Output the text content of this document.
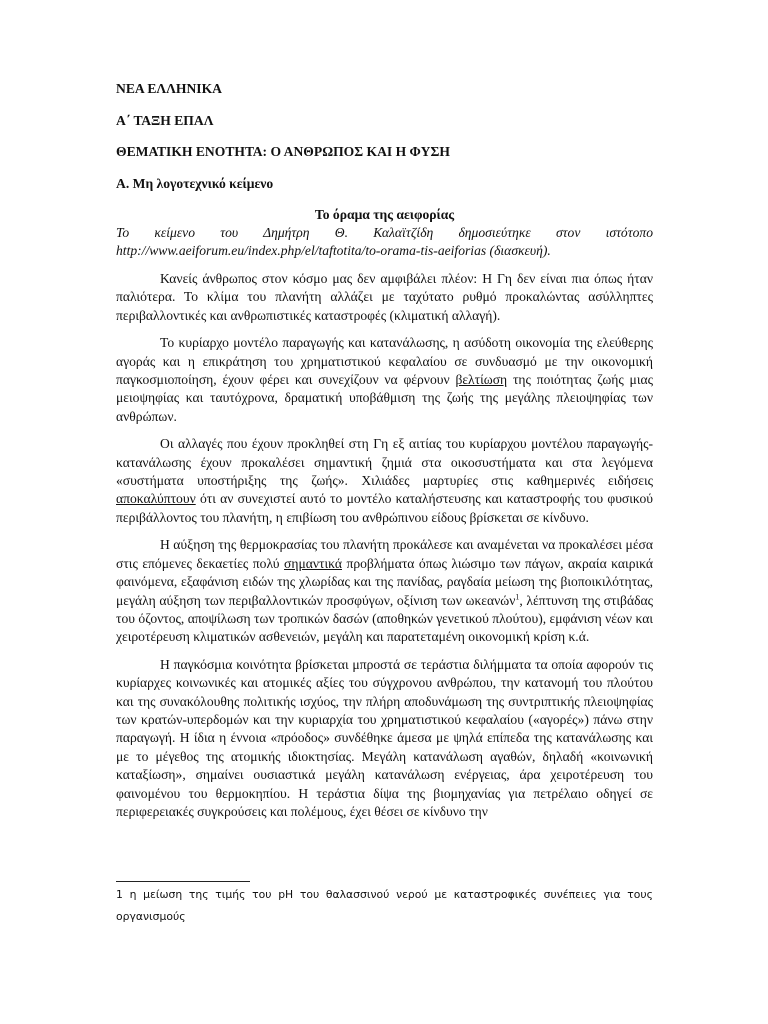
ΝΕΑ ΕΛΛΗΝΙΚΑ

Α΄ ΤΑΞΗ ΕΠΑΛ

ΘΕΜΑΤΙΚΗ ΕΝΟΤΗΤΑ: Ο ΑΝΘΡΩΠΟΣ ΚΑΙ Η ΦΥΣΗ

Α. Μη λογοτεχνικό κείμενο

Το όραμα της αειφορίας

Το κείμενο του Δημήτρη Θ. Καλαϊτζίδη δημοσιεύτηκε στον ιστότοπο http://www.aeiforum.eu/index.php/el/taftotita/to-orama-tis-aeiforias (διασκευή).

Κανείς άνθρωπος στον κόσμο μας δεν αμφιβάλει πλέον: Η Γη δεν είναι πια όπως ήταν παλιότερα. Το κλίμα του πλανήτη αλλάζει με ταχύτατο ρυθμό προκαλώντας ασύλληπτες περιβαλλοντικές και ανθρωπιστικές καταστροφές (κλιματική αλλαγή).

Το κυρίαρχο μοντέλο παραγωγής και κατανάλωσης, η ασύδοτη οικονομία της ελεύθερης αγοράς και η επικράτηση του χρηματιστικού κεφαλαίου σε συνδυασμό με την οικονομική παγκοσμιοποίηση, έχουν φέρει και συνεχίζουν να φέρνουν βελτίωση της ποιότητας ζωής μιας μειοψηφίας και ταυτόχρονα, δραματική υποβάθμιση της ζωής της μεγάλης πλειοψηφίας των ανθρώπων.

Οι αλλαγές που έχουν προκληθεί στη Γη εξ αιτίας του κυρίαρχου μοντέλου παραγωγής-κατανάλωσης έχουν προκαλέσει σημαντική ζημιά στα οικοσυστήματα και στα λεγόμενα «συστήματα υποστήριξης της ζωής». Χιλιάδες μαρτυρίες στις καθημερινές ειδήσεις αποκαλύπτουν ότι αν συνεχιστεί αυτό το μοντέλο καταλήστευσης και καταστροφής του φυσικού περιβάλλοντος του πλανήτη, η επιβίωση του ανθρώπινου είδους βρίσκεται σε κίνδυνο.

Η αύξηση της θερμοκρασίας του πλανήτη προκάλεσε και αναμένεται να προκαλέσει μέσα στις επόμενες δεκαετίες πολύ σημαντικά προβλήματα όπως λιώσιμο των πάγων, ακραία καιρικά φαινόμενα, εξαφάνιση ειδών της χλωρίδας και της πανίδας, ραγδαία μείωση της βιοποικιλότητας, μεγάλη αύξηση των περιβαλλοντικών προσφύγων, οξίνιση των ωκεανών$^1$, λέπτυνση της στιβάδας του όζοντος, αποψίλωση των τροπικών δασών (αποθηκών γενετικού πλούτου), εμφάνιση νέων και χειροτέρευση κλιματικών ασθενειών, μεγάλη και παρατεταμένη οικονομική κρίση κ.ά.

Η παγκόσμια κοινότητα βρίσκεται μπροστά σε τεράστια διλήμματα τα οποία αφορούν τις κυρίαρχες κοινωνικές και ατομικές αξίες του σύγχρονου ανθρώπου, την κατανομή του πλούτου και της συνακόλουθης πολιτικής ισχύος, την πλήρη αποδυνάμωση της συντριπτικής πλειοψηφίας των κρατών-υπερδομών και την κυριαρχία του χρηματιστικού κεφαλαίου («αγορές») πάνω στην παραγωγή. Η ίδια η έννοια «πρόοδος» συνδέθηκε άμεσα με ψηλά επίπεδα της κατανάλωσης και με το μέγεθος της ατομικής ιδιοκτησίας. Μεγάλη κατανάλωση αγαθών, δηλαδή «κοινωνική καταξίωση», σημαίνει ουσιαστικά μεγάλη κατανάλωση ενέργειας, άρα χειροτέρευση του φαινομένου του θερμοκηπίου. Η τεράστια δίψα της βιομηχανίας για πετρέλαιο οδηγεί σε περιφερειακές συγκρούσεις και πολέμους, έχει θέσει σε κίνδυνο την

1 η μείωση της τιμής του pH του θαλασσινού νερού με καταστροφικές συνέπειες για τους οργανισμούς
